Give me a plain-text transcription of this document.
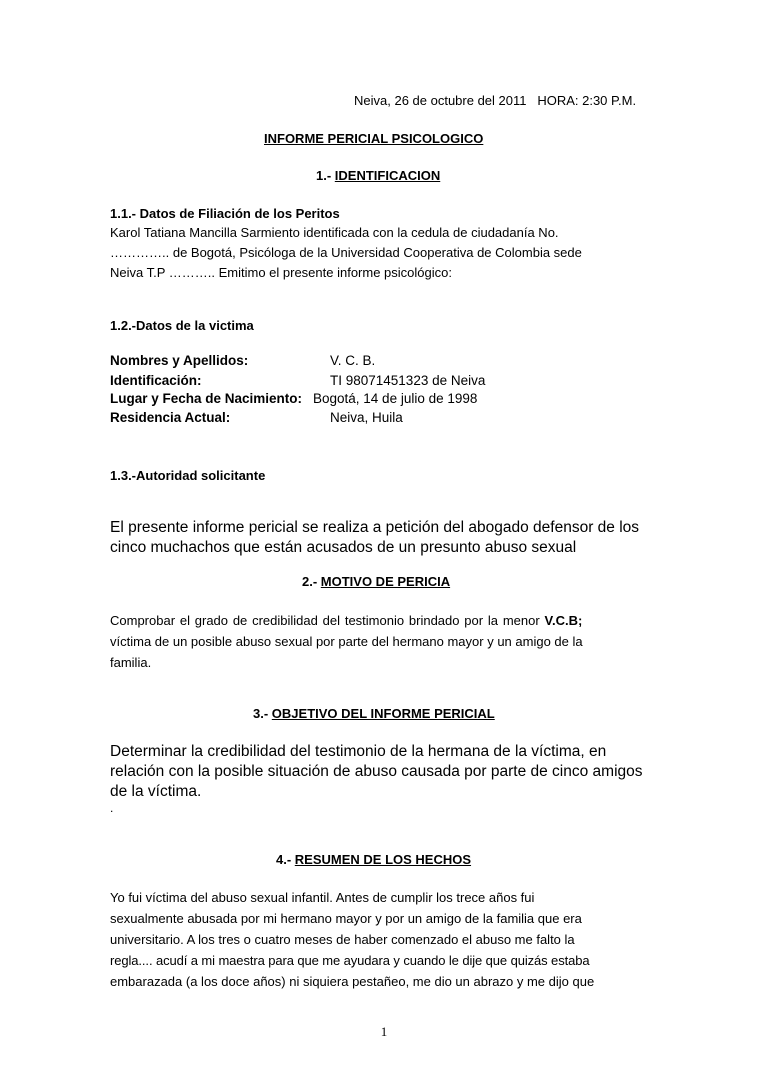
Neiva, 26 de octubre del 2011   HORA: 2:30 P.M.

INFORME PERICIAL PSICOLOGICO

1.- IDENTIFICACION

1.1.- Datos de Filiación de los Peritos

Karol Tatiana Mancilla Sarmiento identificada con la cedula de ciudadanía No.
………….. de Bogotá, Psicóloga de la Universidad Cooperativa de Colombia sede
Neiva T.P ……….. Emitimo el presente informe psicológico:

1.2.-Datos de la victima

Nombres y Apellidos:	V. C. B.
Identificación:	TI 98071451323 de Neiva
Lugar y Fecha de Nacimiento: Bogotá, 14 de julio de 1998
Residencia Actual:	Neiva, Huila

1.3.-Autoridad solicitante

El presente informe pericial se realiza a petición del abogado defensor de los
cinco muchachos que están acusados de un presunto abuso sexual

2.- MOTIVO DE PERICIA

Comprobar el grado de credibilidad del testimonio brindado por la menor V.C.B;
víctima de un posible abuso sexual por parte del hermano mayor y un amigo de la
familia.

3.- OBJETIVO DEL INFORME PERICIAL

Determinar la credibilidad del testimonio de la hermana de la víctima, en
relación con la posible situación de abuso causada por parte de cinco amigos
de la víctima.
.

4.- RESUMEN DE LOS HECHOS

Yo fui víctima del abuso sexual infantil. Antes de cumplir los trece años fui
sexualmente abusada por mi hermano mayor y por un amigo de la familia que era
universitario. A los tres o cuatro meses de haber comenzado el abuso me falto la
regla.... acudí a mi maestra para que me ayudara y cuando le dije que quizás estaba
embarazada (a los doce años) ni siquiera pestañeo, me dio un abrazo y me dijo que

1
